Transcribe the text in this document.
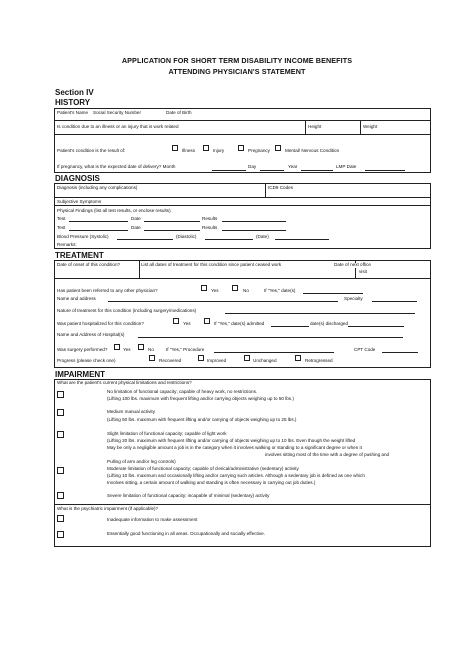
APPLICATION FOR SHORT TERM DISABILITY INCOME BENEFITS
ATTENDING PHYSICIAN'S STATEMENT
Section IV
HISTORY
Patient's Name Social Security Number	Date of Birth
Is condition due to an illness or an injury that is work related	Height	Weight
Patient's condition is the result of:	Illness	Injury	Pregnancy	Mental/ Nervous Condition
If pregnancy, what is the expected date of delivery? Month	Day	Year	LMP Date
DIAGNOSIS
Diagnosis (including any complications)	ICD9 Codes
Subjective Symptoms
Physical Findings (list all test results, or enclose results)
Test	Date	Results
Test	Date	Results
Blood Pressure (Systolic)	(Diastolic)	(Date)
Remarks:
TREATMENT
Date of onset of this condition?	List all dates of treatment for this condition since patient ceased work	Date of next office
visit
Has patient been referred to any other physician?	Yes	No	If "Yes," date(s)
Name and address	Specialty
Nature of treatment for this condition (including surgery/medications)
Was patient hospitalized for this condition?	Yes	If "Yes," date(s) admitted	date(s) discharged
Name and Address of Hospital(s)
Was surgery performed?	Yes	No	If "Yes," Procedure	CPT Code
Progress (please check one)	Recovered	Improved	Unchanged	Retrogressed
IMPAIRMENT
What are the patient's current physical limitations and restrictions?
No limitation of functional capacity; capable of heavy work, no restrictions.
(Lifting 100 lbs. maximum with frequent lifting and/or carrying objects weighing up to 50 lbs.)
Medium manual activity
(Lifting 50 lbs. maximum with frequent lifting and/or carrying of objects weighing up to 25 lbs.)
Slight limitation of functional capacity; capable of light work
(Lifting 20 lbs. maximum with frequent lifting and/or carrying of objects weighing up to 10 lbs. Even though the weight lifted
May be only a negligible amount a job is in the category when it involves walking or standing to a significant degree or when it
involves sitting most of the time with a degree of pushing and
Pulling of arm and/or leg controls)
Moderate limitation of functional capacity; capable of clerical/administrative (sedentary) activity
(Lifting 10 lbs. maximum and occasionally lifting and/or carrying such articles. Although a sedentary job is defined as one which
Involves sitting, a certain amount of walking and standing is often necessary in carrying out job duties.)
Severe limitation of functional capacity; incapable of minimal (sedentary) activity
What is the psychiatric impairment (if applicable)?
Inadequate information to make assessment
Essentially good functioning in all areas. Occupationally and socially effective.
